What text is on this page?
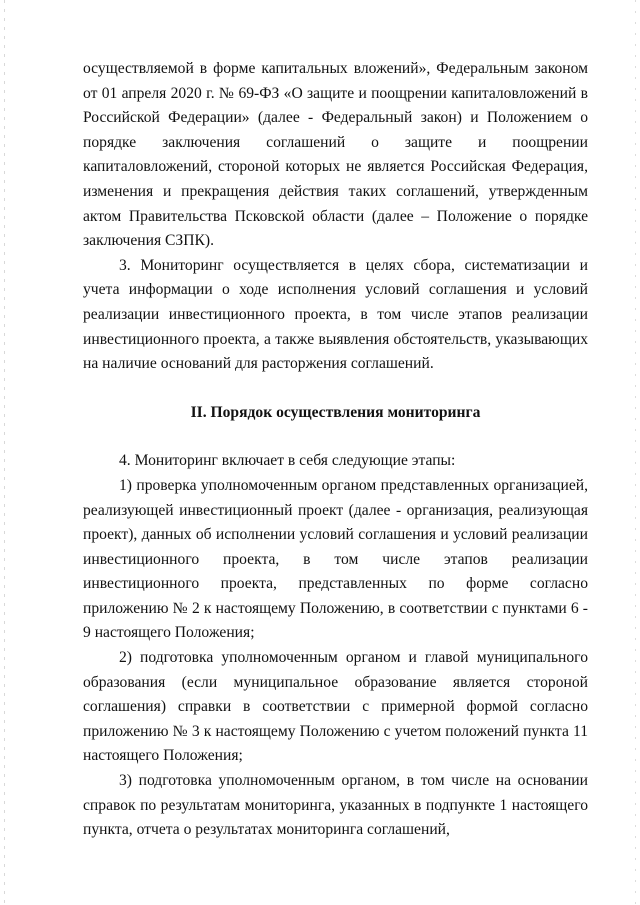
осуществляемой в форме капитальных вложений», Федеральным законом от 01 апреля 2020 г. № 69-ФЗ «О защите и поощрении капиталовложений в Российской Федерации» (далее - Федеральный закон) и Положением о порядке заключения соглашений о защите и поощрении капиталовложений, стороной которых не является Российская Федерация, изменения и прекращения действия таких соглашений, утвержденным актом Правительства Псковской области (далее – Положение о порядке заключения СЗПК).

3. Мониторинг осуществляется в целях сбора, систематизации и учета информации о ходе исполнения условий соглашения и условий реализации инвестиционного проекта, в том числе этапов реализации инвестиционного проекта, а также выявления обстоятельств, указывающих на наличие оснований для расторжения соглашений.

II. Порядок осуществления мониторинга

4. Мониторинг включает в себя следующие этапы:

1) проверка уполномоченным органом представленных организацией, реализующей инвестиционный проект (далее - организация, реализующая проект), данных об исполнении условий соглашения и условий реализации инвестиционного проекта, в том числе этапов реализации инвестиционного проекта, представленных по форме согласно приложению № 2 к настоящему Положению, в соответствии с пунктами 6 - 9 настоящего Положения;

2) подготовка уполномоченным органом и главой муниципального образования (если муниципальное образование является стороной соглашения) справки в соответствии с примерной формой согласно приложению № 3 к настоящему Положению с учетом положений пункта 11 настоящего Положения;

3) подготовка уполномоченным органом, в том числе на основании справок по результатам мониторинга, указанных в подпункте 1 настоящего пункта, отчета о результатах мониторинга соглашений,
